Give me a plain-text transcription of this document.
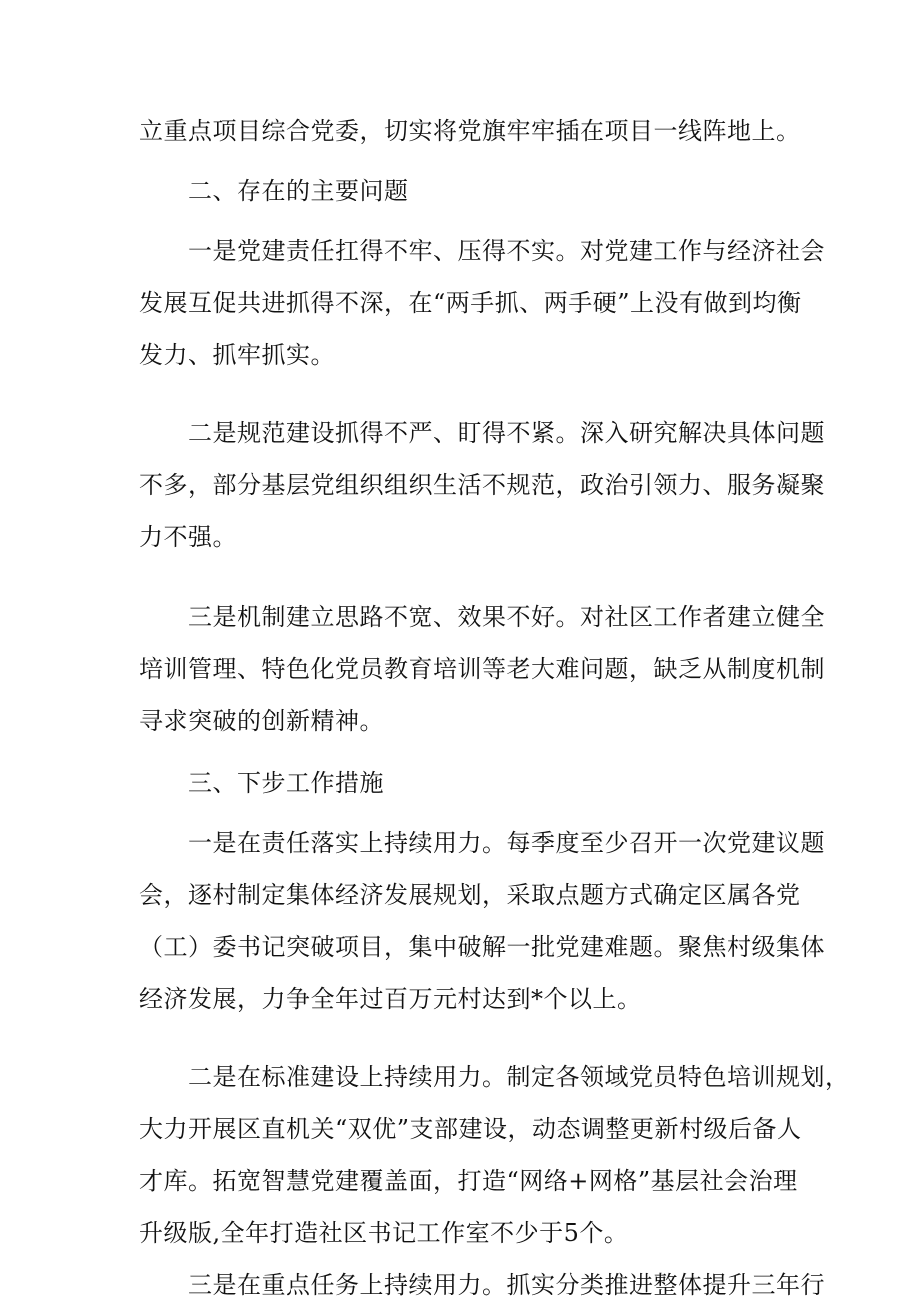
立重点项目综合党委，切实将党旗牢牢插在项目一线阵地上。

二、存在的主要问题

一是党建责任扛得不牢、压得不实。对党建工作与经济社会

发展互促共进抓得不深，在“两手抓、两手硬”上没有做到均衡

发力、抓牢抓实。

二是规范建设抓得不严、盯得不紧。深入研究解决具体问题

不多，部分基层党组织组织生活不规范，政治引领力、服务凝聚

力不强。

三是机制建立思路不宽、效果不好。对社区工作者建立健全

培训管理、特色化党员教育培训等老大难问题，缺乏从制度机制

寻求突破的创新精神。

三、下步工作措施

一是在责任落实上持续用力。每季度至少召开一次党建议题

会，逐村制定集体经济发展规划，采取点题方式确定区属各党

（工）委书记突破项目，集中破解一批党建难题。聚焦村级集体

经济发展，力争全年过百万元村达到*个以上。

二是在标准建设上持续用力。制定各领域党员特色培训规划，

大力开展区直机关“双优”支部建设，动态调整更新村级后备人

才库。拓宽智慧党建覆盖面，打造“网络+网格”基层社会治理

升级版,全年打造社区书记工作室不少于5个。

三是在重点任务上持续用力。抓实分类推进整体提升三年行
